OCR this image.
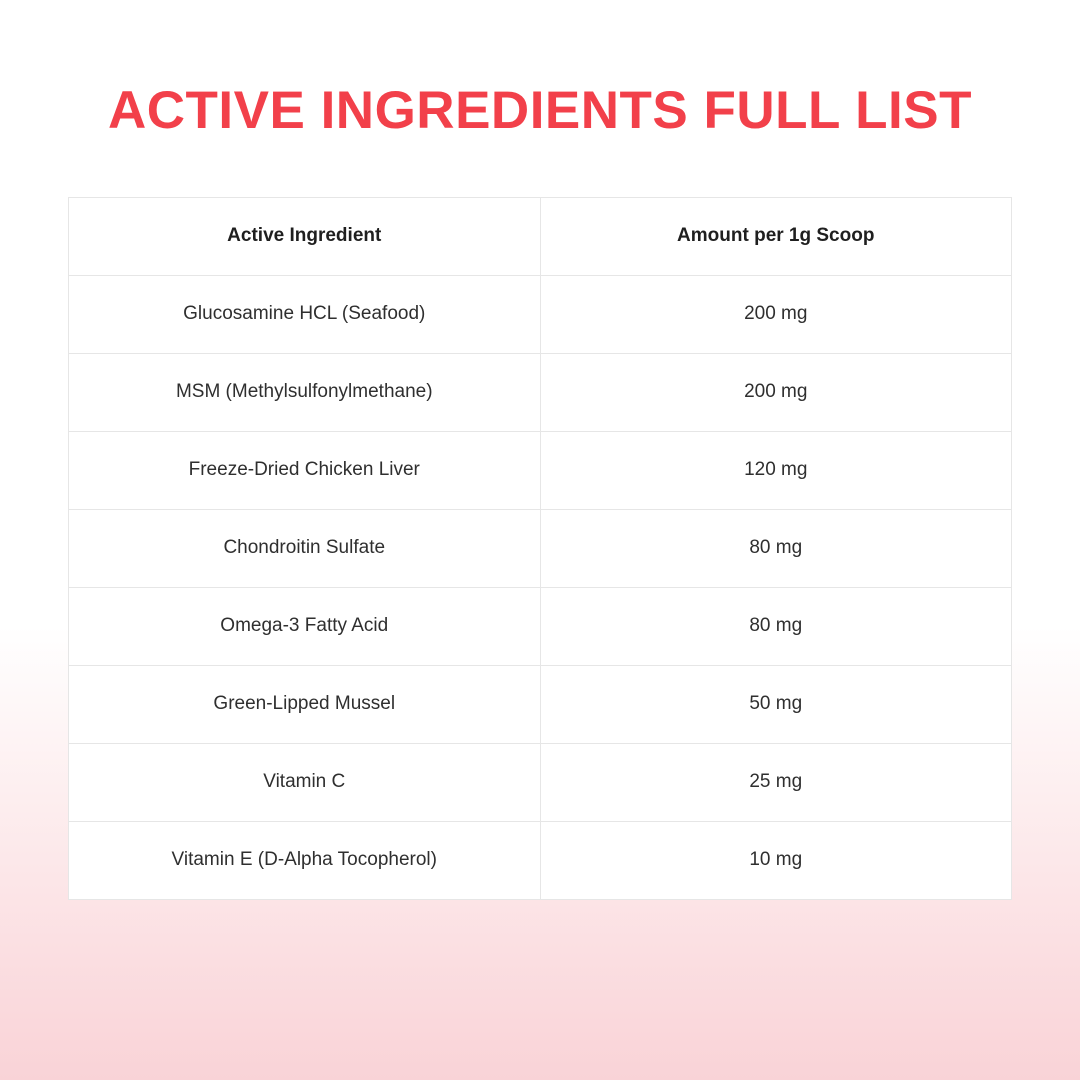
ACTIVE INGREDIENTS FULL LIST
Active Ingredient	Amount per 1g Scoop
Glucosamine HCL (Seafood)	200 mg
MSM (Methylsulfonylmethane)	200 mg
Freeze-Dried Chicken Liver	120 mg
Chondroitin Sulfate	80 mg
Omega-3 Fatty Acid	80 mg
Green-Lipped Mussel	50 mg
Vitamin C	25 mg
Vitamin E (D-Alpha Tocopherol)	10 mg
